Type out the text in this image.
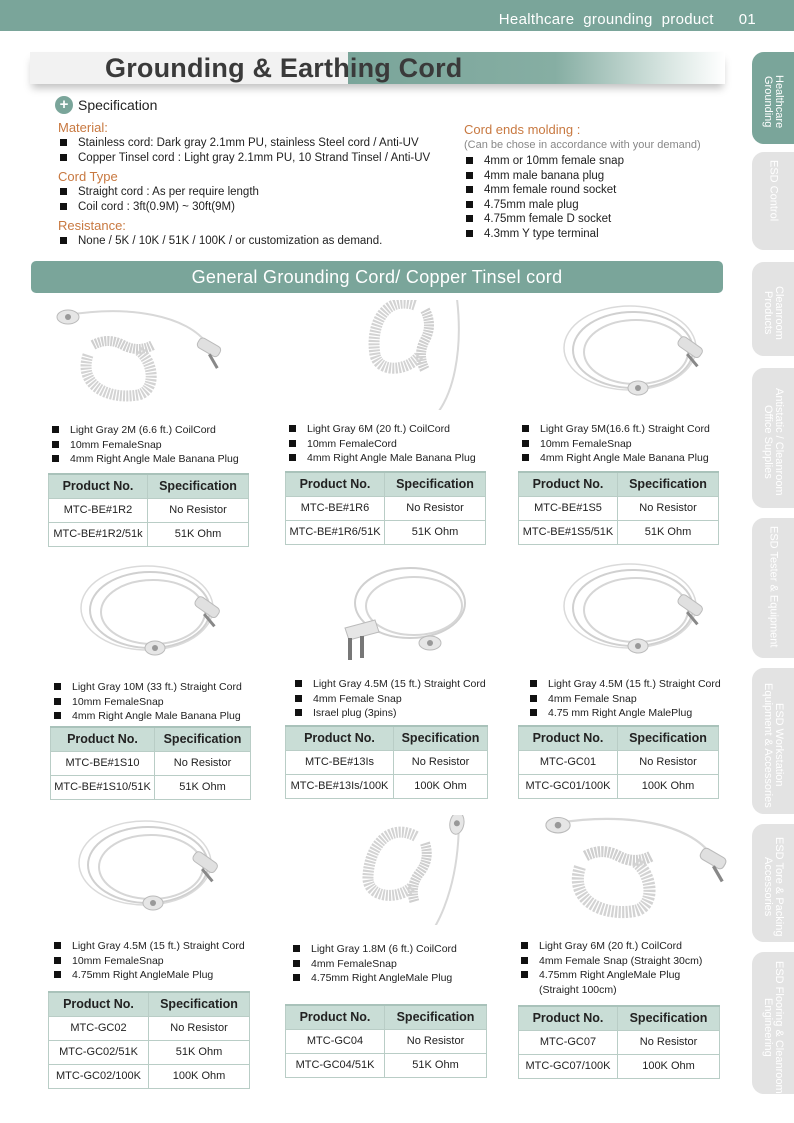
Healthcare  grounding  product 01
Grounding & Earthing Cord
+ Specification
Material:
Stainless cord: Dark gray 2.1mm PU, stainless Steel cord / Anti-UV
Copper Tinsel cord : Light gray 2.1mm PU, 10 Strand Tinsel / Anti-UV
Cord Type
Straight cord : As per require length
Coil cord : 3ft(0.9M) ~ 30ft(9M)
Resistance:
None / 5K / 10K / 51K / 100K / or customization as demand.
Cord ends molding :
(Can be chose in accordance with your demand)
4mm or 10mm female snap
4mm male banana plug
4mm female round socket
4.75mm male plug
4.75mm female D socket
4.3mm Y type terminal
General Grounding Cord/ Copper Tinsel cord
Healthcare Grounding
ESD Control
Cleanroom Products
Antistatic / Cleanroom Office Supplies
ESD Tester & Equipment
ESD Workstation Equipment & Accessories
ESD Tore & Packing Accessories
ESD Flooring & Cleanroom Engineering
Light Gray 2M (6.6 ft.) CoilCord
10mm FemaleSnap
4mm Right Angle Male Banana Plug
Product No.	Specification
MTC-BE#1R2	No Resistor
MTC-BE#1R2/51k	51K Ohm
Light Gray 6M (20 ft.) CoilCord
10mm FemaleCord
4mm Right Angle Male Banana Plug
Product No.	Specification
MTC-BE#1R6	No Resistor
MTC-BE#1R6/51K	51K Ohm
Light Gray 5M(16.6 ft.) Straight Cord
10mm FemaleSnap
4mm Right Angle Male Banana Plug
Product No.	Specification
MTC-BE#1S5	No Resistor
MTC-BE#1S5/51K	51K Ohm
Light Gray 10M (33 ft.) Straight Cord
10mm FemaleSnap
4mm Right Angle Male Banana Plug
Product No.	Specification
MTC-BE#1S10	No Resistor
MTC-BE#1S10/51K	51K Ohm
Light Gray 4.5M (15 ft.) Straight Cord
4mm Female Snap
Israel plug (3pins)
Product No.	Specification
MTC-BE#13Is	No Resistor
MTC-BE#13Is/100K	100K Ohm
Light Gray 4.5M (15 ft.) Straight Cord
4mm Female Snap
4.75 mm Right Angle MalePlug
Product No.	Specification
MTC-GC01	No Resistor
MTC-GC01/100K	100K Ohm
Light Gray 4.5M (15 ft.) Straight Cord
10mm FemaleSnap
4.75mm Right AngleMale Plug
Product No.	Specification
MTC-GC02	No Resistor
MTC-GC02/51K	51K Ohm
MTC-GC02/100K	100K Ohm
Light Gray 1.8M (6 ft.) CoilCord
4mm FemaleSnap
4.75mm Right AngleMale Plug
Product No.	Specification
MTC-GC04	No Resistor
MTC-GC04/51K	51K Ohm
Light Gray 6M (20 ft.) CoilCord
4mm Female Snap (Straight 30cm)
4.75mm Right AngleMale Plug
(Straight 100cm)
Product No.	Specification
MTC-GC07	No Resistor
MTC-GC07/100K	100K Ohm
